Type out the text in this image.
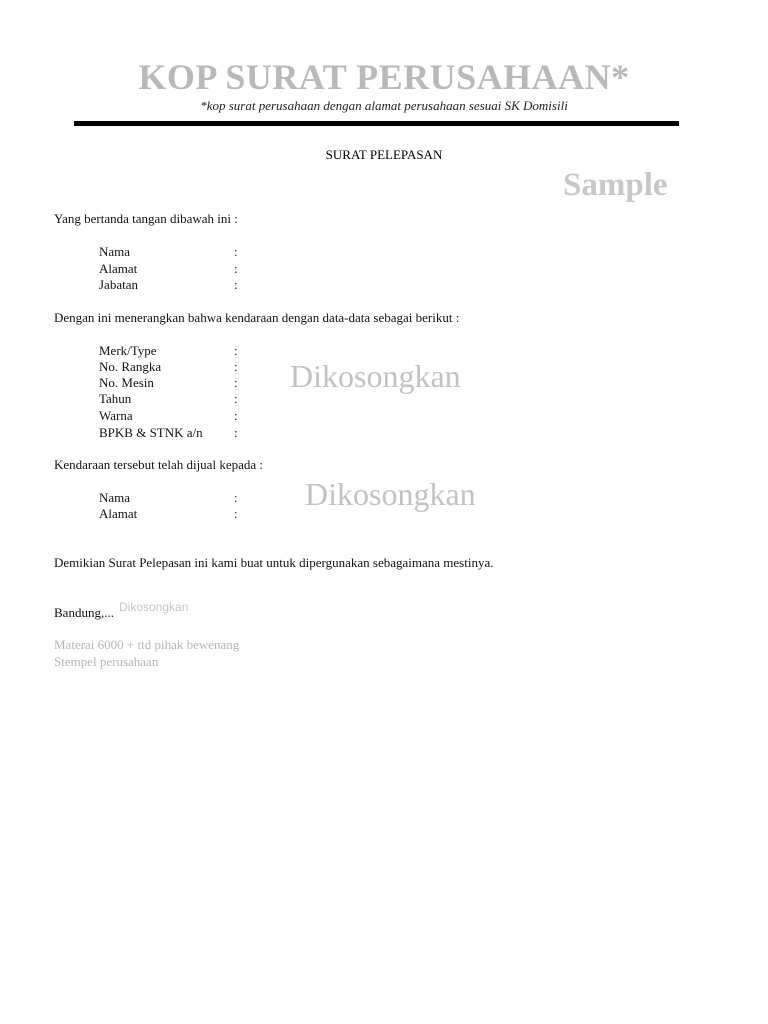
KOP SURAT PERUSAHAAN*
*kop surat perusahaan dengan alamat perusahaan sesuai SK Domisili
SURAT PELEPASAN
Sample
Yang bertanda tangan dibawah ini :
Nama	:
Alamat	:
Jabatan	:
Dengan ini menerangkan bahwa kendaraan dengan data-data sebagai berikut :
Merk/Type	:
No. Rangka	:
No. Mesin	:
Tahun	:
Warna	:
BPKB & STNK a/n :
Dikosongkan
Kendaraan tersebut telah dijual kepada :
Nama	:
Alamat	:
Dikosongkan
Demikian Surat Pelepasan ini kami buat untuk dipergunakan sebagaimana mestinya.
Bandung,... Dikosongkan
Materai 6000 + ttd pihak bewenang
Stempel perusahaan
